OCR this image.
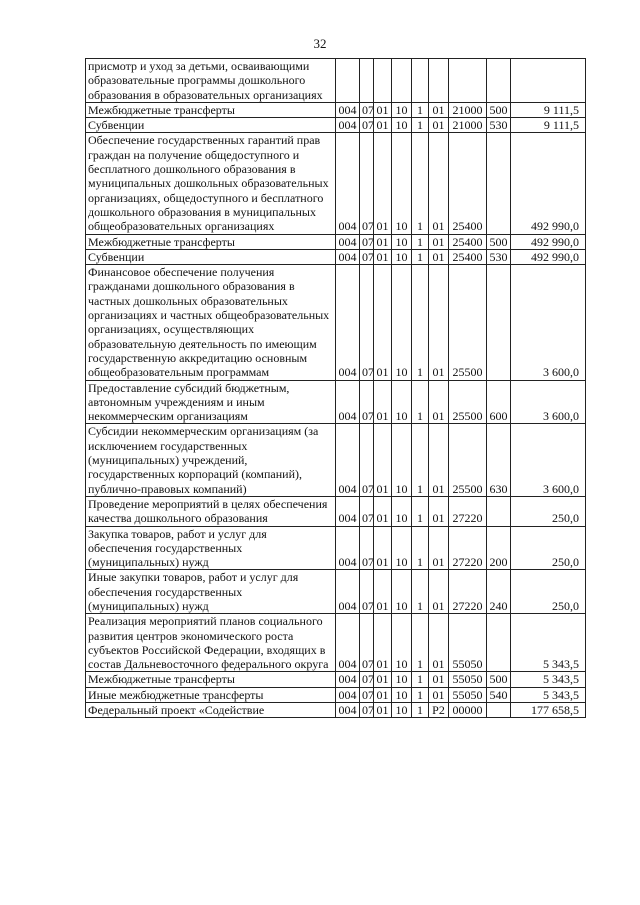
32
присмотр и уход за детьми, осваивающими образовательные программы дошкольного образования в образовательных организациях									
Межбюджетные трансферты	004	07	01	10	1	01	21000	500	9 111,5
Субвенции	004	07	01	10	1	01	21000	530	9 111,5
Обеспечение государственных гарантий прав граждан на получение общедоступного и бесплатного дошкольного образования в муниципальных дошкольных образовательных организациях, общедоступного и бесплатного дошкольного образования в муниципальных общеобразовательных организациях	004	07	01	10	1	01	25400		492 990,0
Межбюджетные трансферты	004	07	01	10	1	01	25400	500	492 990,0
Субвенции	004	07	01	10	1	01	25400	530	492 990,0
Финансовое обеспечение получения гражданами дошкольного образования в частных дошкольных образовательных организациях и частных общеобразовательных организациях, осуществляющих образовательную деятельность по имеющим государственную аккредитацию основным общеобразовательным программам	004	07	01	10	1	01	25500		3 600,0
Предоставление субсидий бюджетным, автономным учреждениям и иным некоммерческим организациям	004	07	01	10	1	01	25500	600	3 600,0
Субсидии некоммерческим организациям (за исключением государственных (муниципальных) учреждений, государственных корпораций (компаний), публично-правовых компаний)	004	07	01	10	1	01	25500	630	3 600,0
Проведение мероприятий в целях обеспечения качества дошкольного образования	004	07	01	10	1	01	27220		250,0
Закупка товаров, работ и услуг для обеспечения государственных (муниципальных) нужд	004	07	01	10	1	01	27220	200	250,0
Иные закупки товаров, работ и услуг для обеспечения государственных (муниципальных) нужд	004	07	01	10	1	01	27220	240	250,0
Реализация мероприятий планов социального развития центров экономического роста субъектов Российской Федерации, входящих в состав Дальневосточного федерального округа	004	07	01	10	1	01	55050		5 343,5
Межбюджетные трансферты	004	07	01	10	1	01	55050	500	5 343,5
Иные межбюджетные трансферты	004	07	01	10	1	01	55050	540	5 343,5
Федеральный проект «Содействие	004	07	01	10	1	P2	00000		177 658,5
